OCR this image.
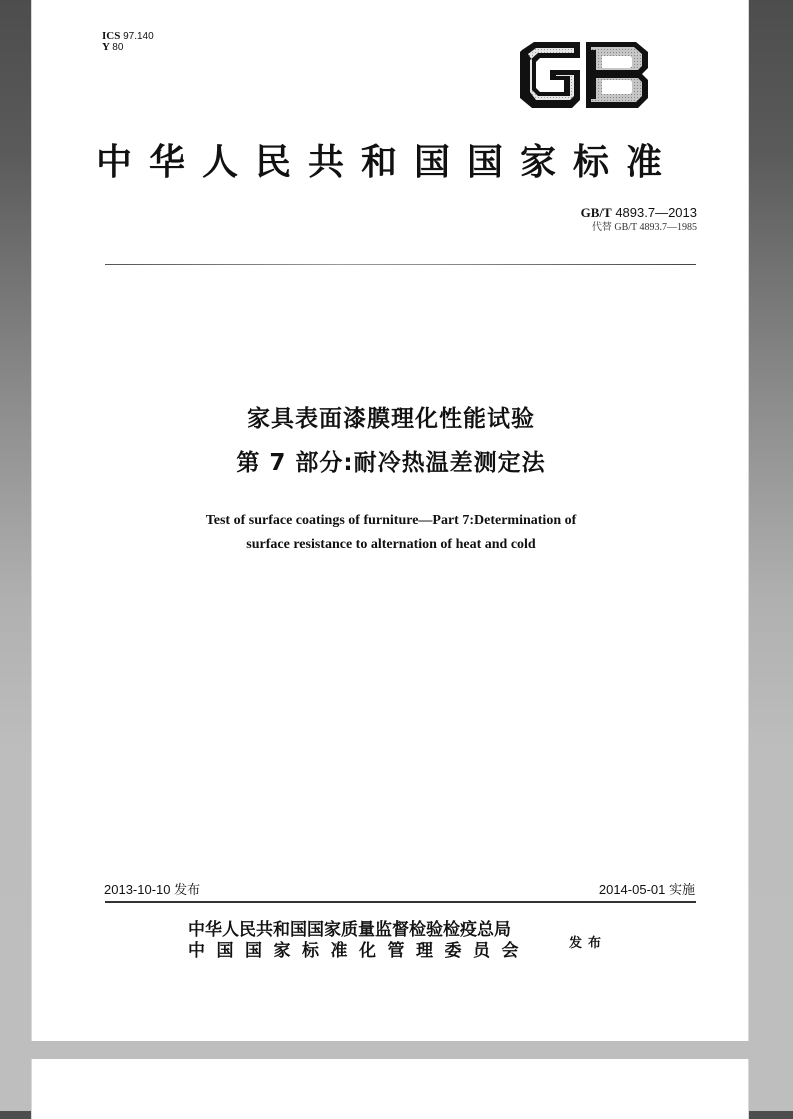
ICS 97.140
Y 80
中华人民共和国国家标准
GB/T 4893.7—2013
代替 GB/T 4893.7—1985
家具表面漆膜理化性能试验
第 7 部分:耐冷热温差测定法
Test of surface coatings of furniture—Part 7:Determination of
surface resistance to alternation of heat and cold
2013-10-10 发布	2014-05-01 实施
中华人民共和国国家质量监督检验检疫总局
中国国家标准化管理委员会	发布
